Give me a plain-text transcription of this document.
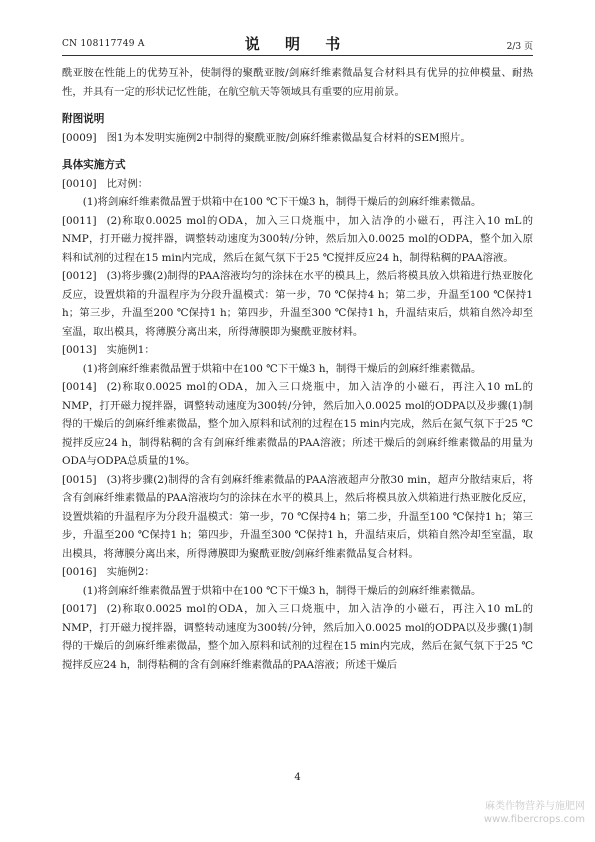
CN 108117749 A	说 明 书	2/3 页

酰亚胺在性能上的优势互补，使制得的聚酰亚胺/剑麻纤维素微晶复合材料具有优异的拉伸模量、耐热性，并具有一定的形状记忆性能，在航空航天等领域具有重要的应用前景。

附图说明

[0009] 图1为本发明实施例2中制得的聚酰亚胺/剑麻纤维素微晶复合材料的SEM照片。

具体实施方式

[0010] 比对例：

(1)将剑麻纤维素微晶置于烘箱中在100 ℃下干燥3 h，制得干燥后的剑麻纤维素微晶。

[0011] (2)称取0.0025 mol的ODA，加入三口烧瓶中，加入洁净的小磁石，再注入10 mL的NMP，打开磁力搅拌器，调整转动速度为300转/分钟，然后加入0.0025 mol的ODPA，整个加入原料和试剂的过程在15 min内完成，然后在氮气氛下于25 ℃搅拌反应24 h，制得粘稠的PAA溶液。

[0012] (3)将步骤(2)制得的PAA溶液均匀的涂抹在水平的模具上，然后将模具放入烘箱进行热亚胺化反应，设置烘箱的升温程序为分段升温模式：第一步，70 ℃保持4 h；第二步，升温至100 ℃保持1 h；第三步，升温至200 ℃保持1 h；第四步，升温至300 ℃保持1 h，升温结束后，烘箱自然冷却至室温，取出模具，将薄膜分离出来，所得薄膜即为聚酰亚胺材料。

[0013] 实施例1：

(1)将剑麻纤维素微晶置于烘箱中在100 ℃下干燥3 h，制得干燥后的剑麻纤维素微晶。

[0014] (2)称取0.0025 mol的ODA，加入三口烧瓶中，加入洁净的小磁石，再注入10 mL的NMP，打开磁力搅拌器，调整转动速度为300转/分钟，然后加入0.0025 mol的ODPA以及步骤(1)制得的干燥后的剑麻纤维素微晶，整个加入原料和试剂的过程在15 min内完成，然后在氮气氛下于25 ℃搅拌反应24 h，制得粘稠的含有剑麻纤维素微晶的PAA溶液；所述干燥后的剑麻纤维素微晶的用量为ODA与ODPA总质量的1%。

[0015] (3)将步骤(2)制得的含有剑麻纤维素微晶的PAA溶液超声分散30 min，超声分散结束后，将含有剑麻纤维素微晶的PAA溶液均匀的涂抹在水平的模具上，然后将模具放入烘箱进行热亚胺化反应，设置烘箱的升温程序为分段升温模式：第一步，70 ℃保持4 h；第二步，升温至100 ℃保持1 h；第三步，升温至200 ℃保持1 h；第四步，升温至300 ℃保持1 h，升温结束后，烘箱自然冷却至室温，取出模具，将薄膜分离出来，所得薄膜即为聚酰亚胺/剑麻纤维素微晶复合材料。

[0016] 实施例2：

(1)将剑麻纤维素微晶置于烘箱中在100 ℃下干燥3 h，制得干燥后的剑麻纤维素微晶。

[0017] (2)称取0.0025 mol的ODA，加入三口烧瓶中，加入洁净的小磁石，再注入10 mL的NMP，打开磁力搅拌器，调整转动速度为300转/分钟，然后加入0.0025 mol的ODPA以及步骤(1)制得的干燥后的剑麻纤维素微晶，整个加入原料和试剂的过程在15 min内完成，然后在氮气氛下于25 ℃搅拌反应24 h，制得粘稠的含有剑麻纤维素微晶的PAA溶液；所述干燥后

4
麻类作物营养与施肥网
www.fibercrops.com
